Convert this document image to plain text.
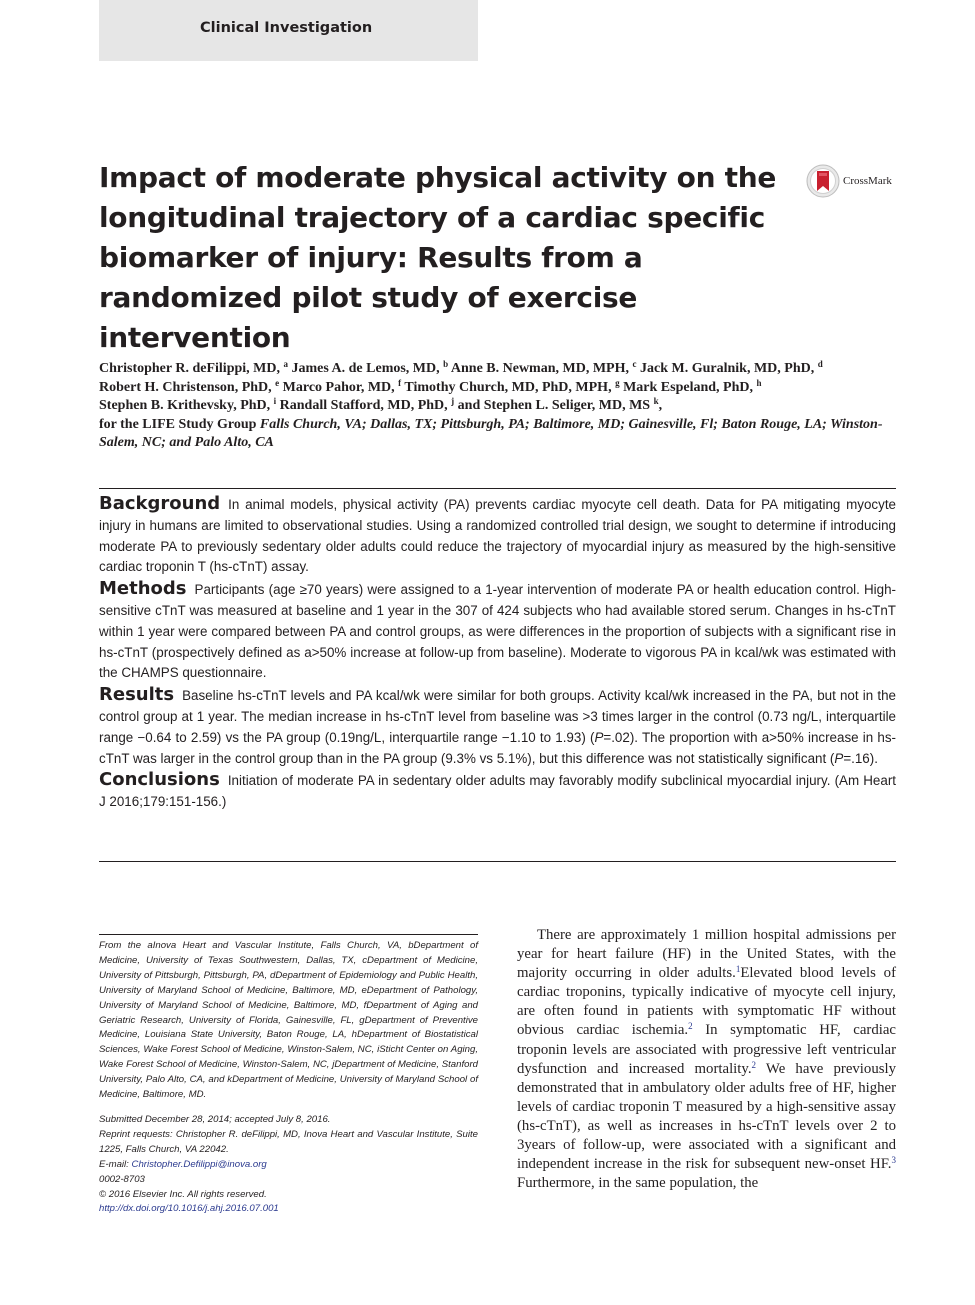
Clinical Investigation
Impact of moderate physical activity on the longitudinal trajectory of a cardiac specific biomarker of injury: Results from a randomized pilot study of exercise intervention
CrossMark
Christopher R. deFilippi, MD, $^a$ James A. de Lemos, MD, $^b$ Anne B. Newman, MD, MPH, $^c$ Jack M. Guralnik, MD, PhD, $^d$
Robert H. Christenson, PhD, $^e$ Marco Pahor, MD, $^f$ Timothy Church, MD, PhD, MPH, $^g$ Mark Espeland, PhD, $^h$
Stephen B. Krithevsky, PhD, $^i$ Randall Stafford, MD, PhD, $^j$ and Stephen L. Seliger, MD, MS $^k$,
for the LIFE Study Group Falls Church, VA; Dallas, TX; Pittsburgh, PA; Baltimore, MD; Gainesville, Fl; Baton Rouge, LA; Winston-Salem, NC; and Palo Alto, CA

Background In animal models, physical activity (PA) prevents cardiac myocyte cell death. Data for PA mitigating myocyte injury in humans are limited to observational studies. Using a randomized controlled trial design, we sought to determine if introducing moderate PA to previously sedentary older adults could reduce the trajectory of myocardial injury as measured by the high-sensitive cardiac troponin T (hs-cTnT) assay.

Methods Participants (age ≥70 years) were assigned to a 1-year intervention of moderate PA or health education control. High-sensitive cTnT was measured at baseline and 1 year in the 307 of 424 subjects who had available stored serum. Changes in hs-cTnT within 1 year were compared between PA and control groups, as were differences in the proportion of subjects with a significant rise in hs-cTnT (prospectively defined as a>50% increase at follow-up from baseline). Moderate to vigorous PA in kcal/wk was estimated with the CHAMPS questionnaire.

Results Baseline hs-cTnT levels and PA kcal/wk were similar for both groups. Activity kcal/wk increased in the PA, but not in the control group at 1 year. The median increase in hs-cTnT level from baseline was >3 times larger in the control (0.73 ng/L, interquartile range −0.64 to 2.59) vs the PA group (0.19ng/L, interquartile range −1.10 to 1.93) (P=.02). The proportion with a>50% increase in hs-cTnT was larger in the control group than in the PA group (9.3% vs 5.1%), but this difference was not statistically significant (P=.16).

Conclusions Initiation of moderate PA in sedentary older adults may favorably modify subclinical myocardial injury. (Am Heart J 2016;179:151-156.)

From the aInova Heart and Vascular Institute, Falls Church, VA, bDepartment of Medicine, University of Texas Southwestern, Dallas, TX, cDepartment of Medicine, University of Pittsburgh, Pittsburgh, PA, dDepartment of Epidemiology and Public Health, University of Maryland School of Medicine, Baltimore, MD, eDepartment of Pathology, University of Maryland School of Medicine, Baltimore, MD, fDepartment of Aging and Geriatric Research, University of Florida, Gainesville, FL, gDepartment of Preventive Medicine, Louisiana State University, Baton Rouge, LA, hDepartment of Biostatistical Sciences, Wake Forest School of Medicine, Winston-Salem, NC, iSticht Center on Aging, Wake Forest School of Medicine, Winston-Salem, NC, jDepartment of Medicine, Stanford University, Palo Alto, CA, and kDepartment of Medicine, University of Maryland School of Medicine, Baltimore, MD.

Submitted December 28, 2014; accepted July 8, 2016.

Reprint requests: Christopher R. deFilippi, MD, Inova Heart and Vascular Institute, Suite 1225, Falls Church, VA 22042.

E-mail: Christopher.Defilippi@inova.org

0002-8703

© 2016 Elsevier Inc. All rights reserved.

http://dx.doi.org/10.1016/j.ahj.2016.07.001

There are approximately 1 million hospital admissions per year for heart failure (HF) in the United States, with the majority occurring in older adults.$^1$Elevated blood levels of cardiac troponins, typically indicative of myocyte cell injury, are often found in patients with symptomatic HF without obvious cardiac ischemia.$^2$ In symptomatic HF, cardiac troponin levels are associated with progressive left ventricular dysfunction and increased mortality.$^2$ We have previously demonstrated that in ambulatory older adults free of HF, higher levels of cardiac troponin T measured by a high-sensitive assay (hs-cTnT), as well as increases in hs-cTnT levels over 2 to 3years of follow-up, were associated with a significant and independent increase in the risk for subsequent new-onset HF.$^3$ Furthermore, in the same population, the
